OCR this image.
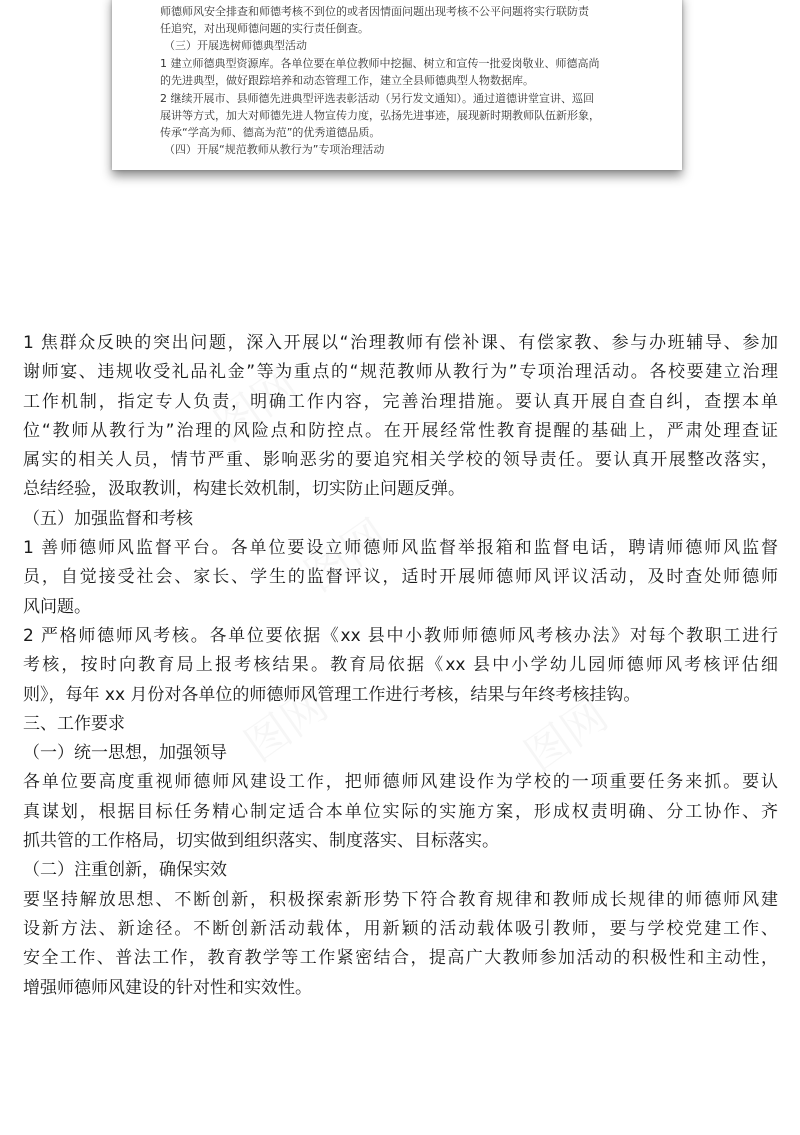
师德师风安全排查和师德考核不到位的或者因情面问题出现考核不公平问题将实行联防责
任追究，对出现师德问题的实行责任倒查。
（三）开展选树师德典型活动
1 建立师德典型资源库。各单位要在单位教师中挖掘、树立和宣传一批爱岗敬业、师德高尚
的先进典型，做好跟踪培养和动态管理工作，建立全县师德典型人物数据库。
2 继续开展市、县师德先进典型评选表彰活动（另行发文通知）。通过道德讲堂宣讲、巡回
展讲等方式，加大对师德先进人物宣传力度，弘扬先进事迹，展现新时期教师队伍新形象，
传承“学高为师、德高为范”的优秀道德品质。
（四）开展“规范教师从教行为”专项治理活动
1 焦群众反映的突出问题，深入开展以“治理教师有偿补课、有偿家教、参与办班辅导、参加
谢师宴、违规收受礼品礼金”等为重点的“规范教师从教行为”专项治理活动。各校要建立治理
工作机制，指定专人负责，明确工作内容，完善治理措施。要认真开展自查自纠，查摆本单
位“教师从教行为”治理的风险点和防控点。在开展经常性教育提醒的基础上，严肃处理查证
属实的相关人员，情节严重、影响恶劣的要追究相关学校的领导责任。要认真开展整改落实，
总结经验，汲取教训，构建长效机制，切实防止问题反弹。
（五）加强监督和考核
1 善师德师风监督平台。各单位要设立师德师风监督举报箱和监督电话，聘请师德师风监督
员，自觉接受社会、家长、学生的监督评议，适时开展师德师风评议活动，及时查处师德师
风问题。
2 严格师德师风考核。各单位要依据《xx 县中小教师师德师风考核办法》对每个教职工进行
考核，按时向教育局上报考核结果。教育局依据《xx 县中小学幼儿园师德师风考核评估细
则》，每年 xx 月份对各单位的师德师风管理工作进行考核，结果与年终考核挂钩。
三、工作要求
（一）统一思想，加强领导
各单位要高度重视师德师风建设工作，把师德师风建设作为学校的一项重要任务来抓。要认
真谋划，根据目标任务精心制定适合本单位实际的实施方案，形成权责明确、分工协作、齐
抓共管的工作格局，切实做到组织落实、制度落实、目标落实。
（二）注重创新，确保实效
要坚持解放思想、不断创新，积极探索新形势下符合教育规律和教师成长规律的师德师风建
设新方法、新途径。不断创新活动载体，用新颖的活动载体吸引教师，要与学校党建工作、
安全工作、普法工作，教育教学等工作紧密结合，提高广大教师参加活动的积极性和主动性，
增强师德师风建设的针对性和实效性。
